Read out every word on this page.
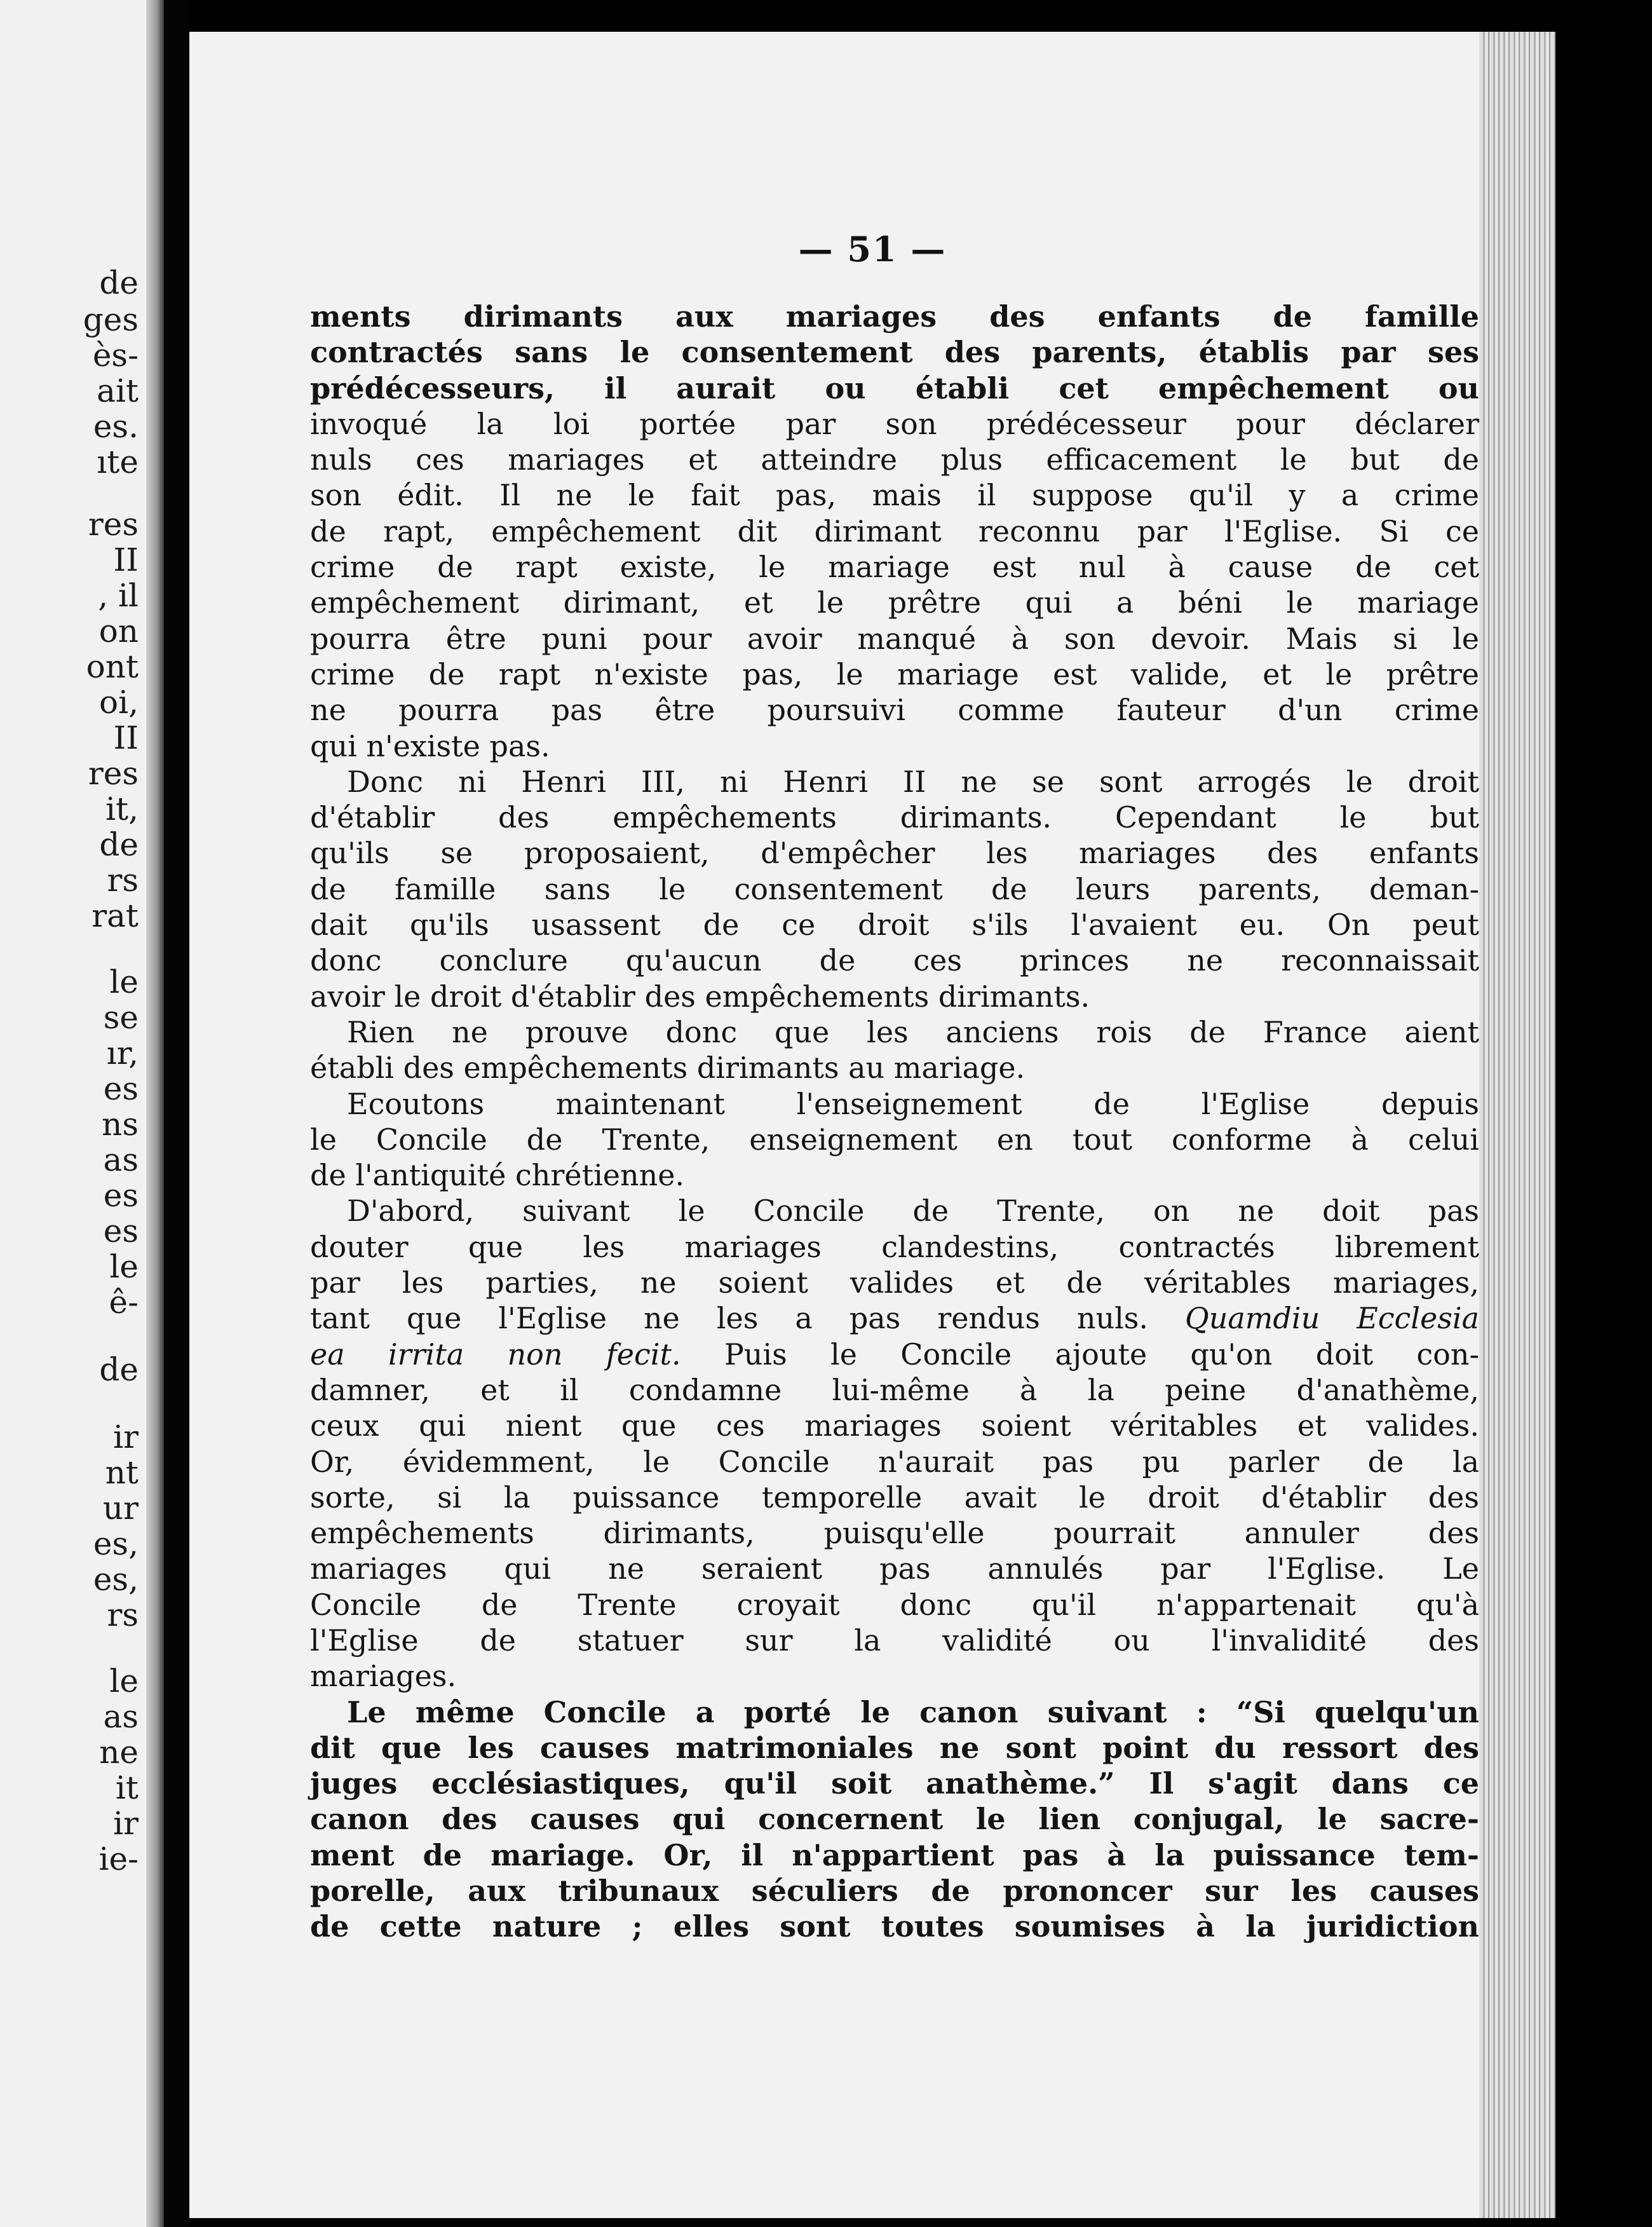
de
ges
ès-
ait
es.
ıte
res
II
, il
on
ont
oi,
II
res
it,
de
rs
rat
le
se
ır,
es
ns
as
es
es
le
ê-
de
ir
nt
ur
es,
es,
rs
le
as
ne
it
ir
ie-
— 51 —
ments dirimants aux mariages des enfants de famille
contractés sans le consentement des parents, établis par ses
prédécesseurs, il aurait ou établi cet empêchement ou
invoqué la loi portée par son prédécesseur pour déclarer
nuls ces mariages et atteindre plus efficacement le but de
son édit. Il ne le fait pas, mais il suppose qu'il y a crime
de rapt, empêchement dit dirimant reconnu par l'Eglise. Si ce
crime de rapt existe, le mariage est nul à cause de cet
empêchement dirimant, et le prêtre qui a béni le mariage
pourra être puni pour avoir manqué à son devoir. Mais si le
crime de rapt n'existe pas, le mariage est valide, et le prêtre
ne pourra pas être poursuivi comme fauteur d'un crime
qui n'existe pas.
Donc ni Henri III, ni Henri II ne se sont arrogés le droit
d'établir des empêchements dirimants. Cependant le but
qu'ils se proposaient, d'empêcher les mariages des enfants
de famille sans le consentement de leurs parents, deman-
dait qu'ils usassent de ce droit s'ils l'avaient eu. On peut
donc conclure qu'aucun de ces princes ne reconnaissait
avoir le droit d'établir des empêchements dirimants.
Rien ne prouve donc que les anciens rois de France aient
établi des empêchements dirimants au mariage.
Ecoutons maintenant l'enseignement de l'Eglise depuis
le Concile de Trente, enseignement en tout conforme à celui
de l'antiquité chrétienne.
D'abord, suivant le Concile de Trente, on ne doit pas
douter que les mariages clandestins, contractés librement
par les parties, ne soient valides et de véritables mariages,
tant que l'Eglise ne les a pas rendus nuls. Quamdiu Ecclesia
ea irrita non fecit. Puis le Concile ajoute qu'on doit con-
damner, et il condamne lui-même à la peine d'anathème,
ceux qui nient que ces mariages soient véritables et valides.
Or, évidemment, le Concile n'aurait pas pu parler de la
sorte, si la puissance temporelle avait le droit d'établir des
empêchements dirimants, puisqu'elle pourrait annuler des
mariages qui ne seraient pas annulés par l'Eglise. Le
Concile de Trente croyait donc qu'il n'appartenait qu'à
l'Eglise de statuer sur la validité ou l'invalidité des
mariages.
Le même Concile a porté le canon suivant : “Si quelqu'un
dit que les causes matrimoniales ne sont point du ressort des
juges ecclésiastiques, qu'il soit anathème.” Il s'agit dans ce
canon des causes qui concernent le lien conjugal, le sacre-
ment de mariage. Or, il n'appartient pas à la puissance tem-
porelle, aux tribunaux séculiers de prononcer sur les causes
de cette nature ; elles sont toutes soumises à la juridiction
